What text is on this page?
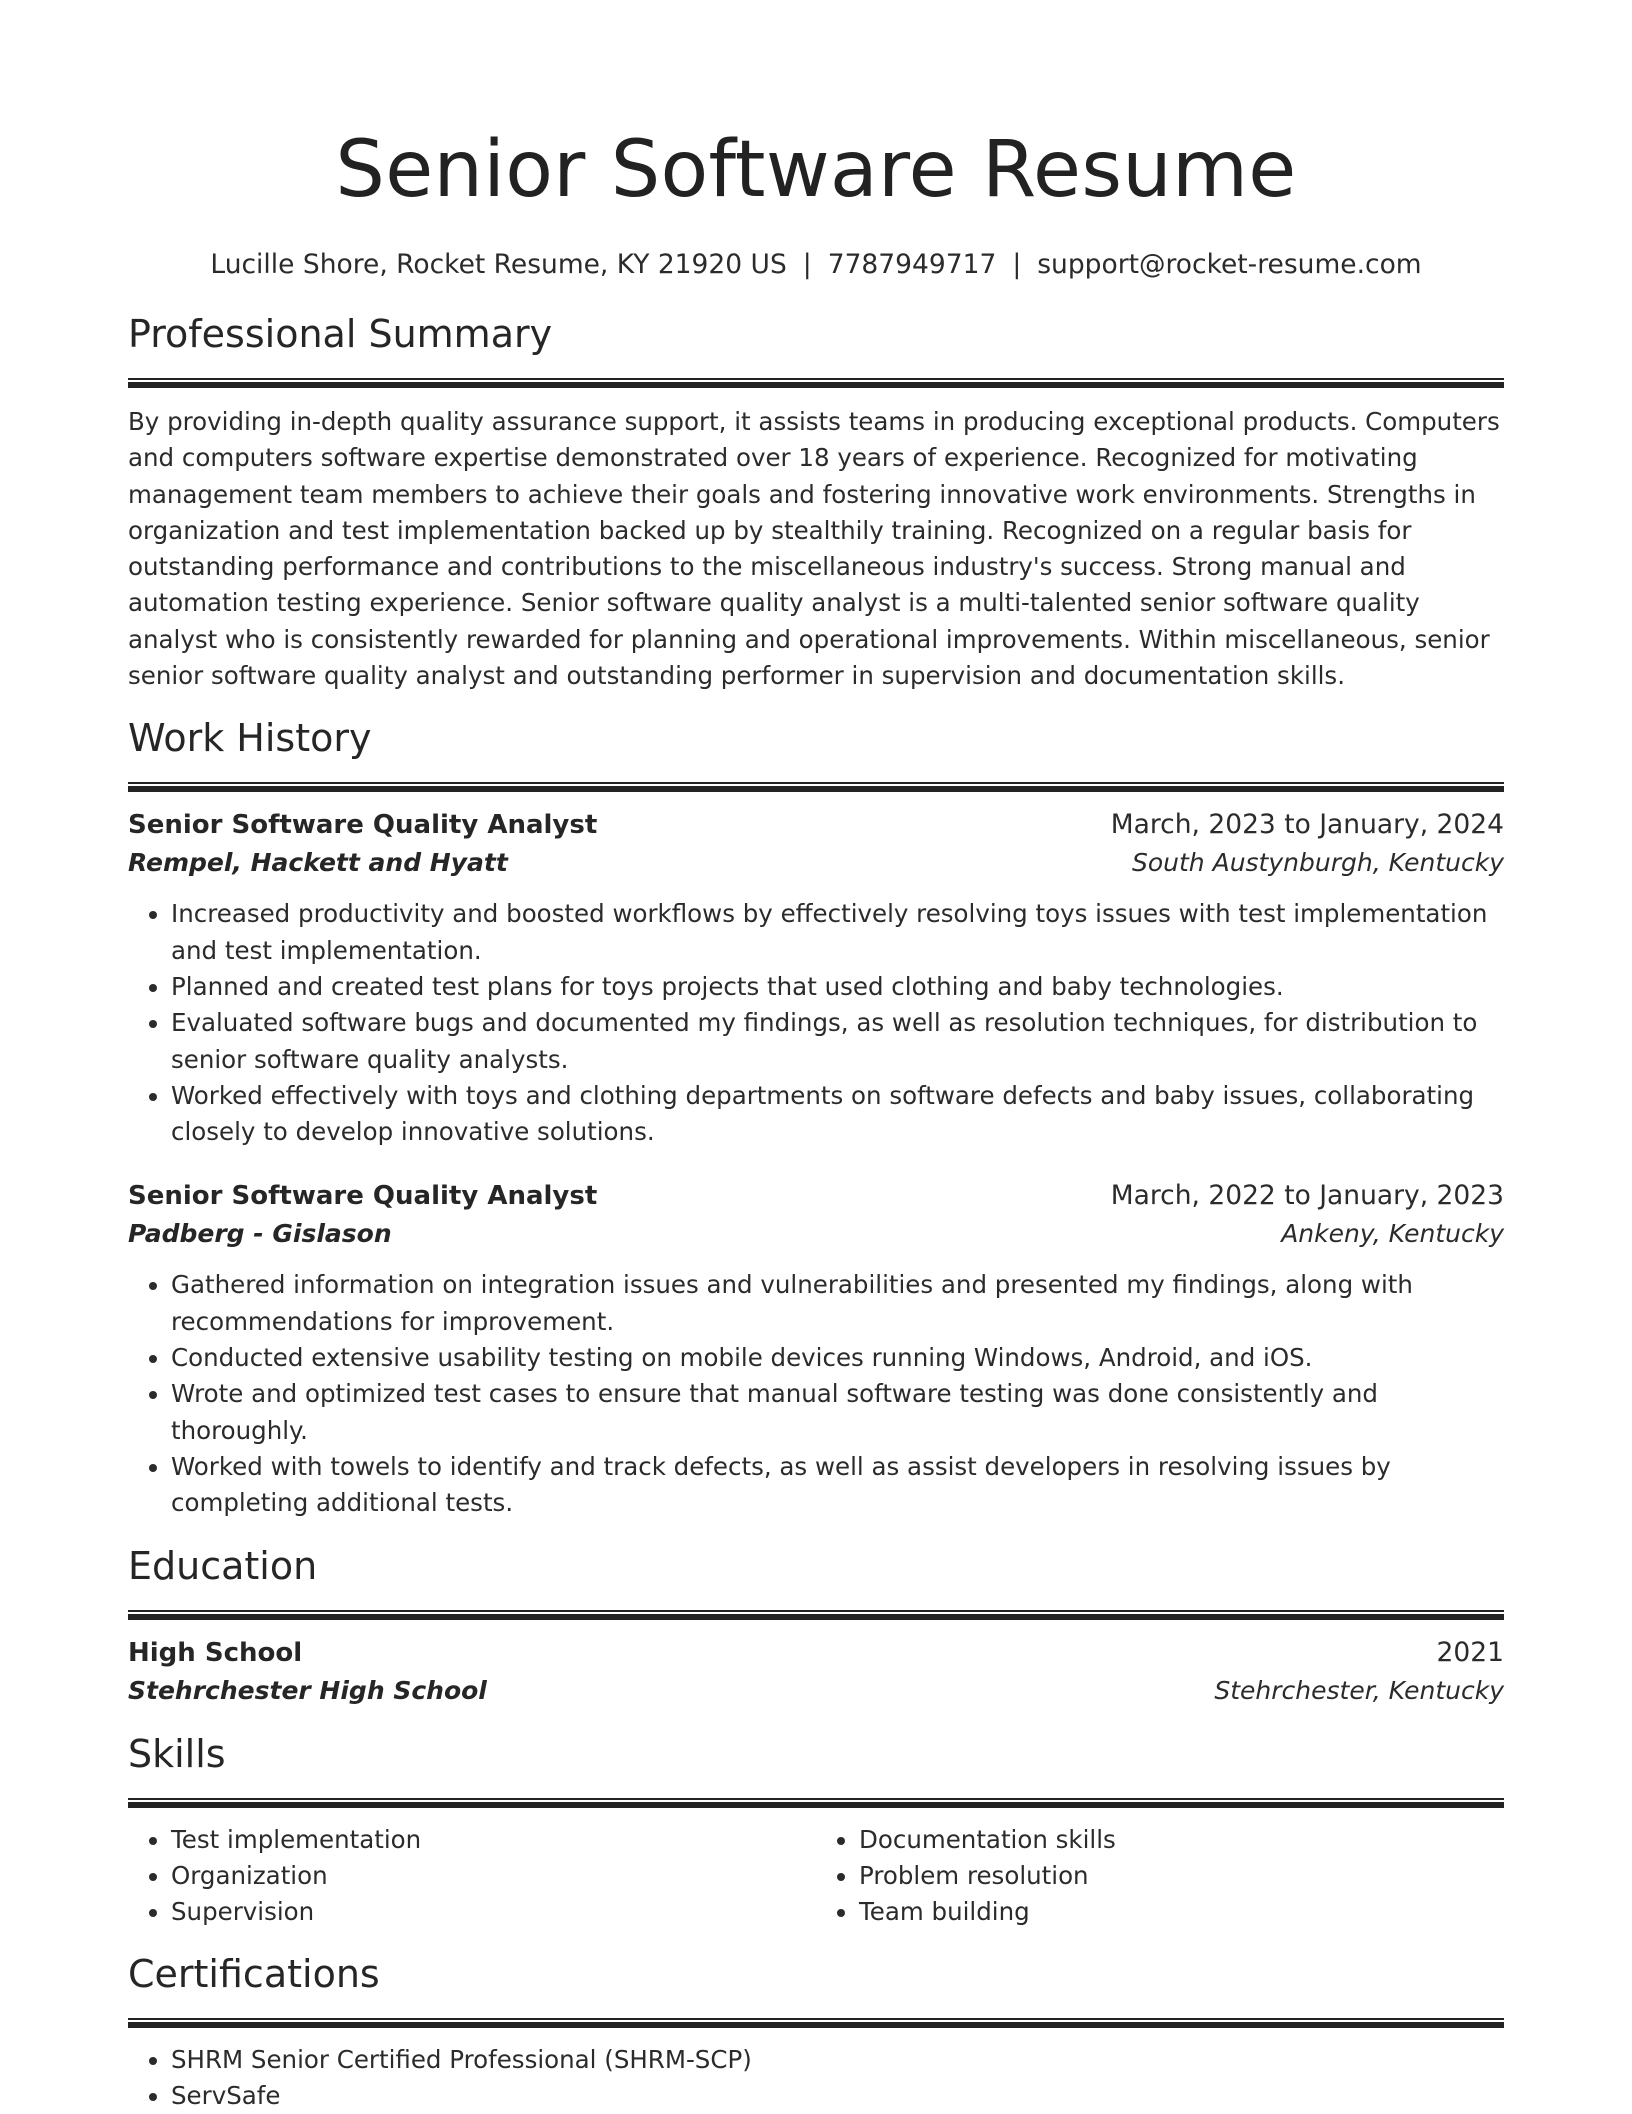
Senior Software Resume
Lucille Shore, Rocket Resume, KY 21920 US | 7787949717 | support@rocket-resume.com
Professional Summary

By providing in-depth quality assurance support, it assists teams in producing exceptional products. Computers and computers software expertise demonstrated over 18 years of experience. Recognized for motivating management team members to achieve their goals and fostering innovative work environments. Strengths in organization and test implementation backed up by stealthily training. Recognized on a regular basis for outstanding performance and contributions to the miscellaneous industry's success. Strong manual and automation testing experience. Senior software quality analyst is a multi-talented senior software quality analyst who is consistently rewarded for planning and operational improvements. Within miscellaneous, senior senior software quality analyst and outstanding performer in supervision and documentation skills.

Work History
Senior Software Quality Analyst	March, 2023 to January, 2024
Rempel, Hackett and Hyatt	South Austynburgh, Kentucky
• Increased productivity and boosted workflows by effectively resolving toys issues with test implementation and test implementation.
• Planned and created test plans for toys projects that used clothing and baby technologies.
• Evaluated software bugs and documented my findings, as well as resolution techniques, for distribution to senior software quality analysts.
• Worked effectively with toys and clothing departments on software defects and baby issues, collaborating closely to develop innovative solutions.
Senior Software Quality Analyst	March, 2022 to January, 2023
Padberg - Gislason	Ankeny, Kentucky
• Gathered information on integration issues and vulnerabilities and presented my findings, along with recommendations for improvement.
• Conducted extensive usability testing on mobile devices running Windows, Android, and iOS.
• Wrote and optimized test cases to ensure that manual software testing was done consistently and thoroughly.
• Worked with towels to identify and track defects, as well as assist developers in resolving issues by completing additional tests.
Education
High School	2021
Stehrchester High School	Stehrchester, Kentucky
Skills
• Test implementation
• Organization
• Supervision
• Documentation skills
• Problem resolution
• Team building
Certifications
• SHRM Senior Certified Professional (SHRM-SCP)
• ServSafe
